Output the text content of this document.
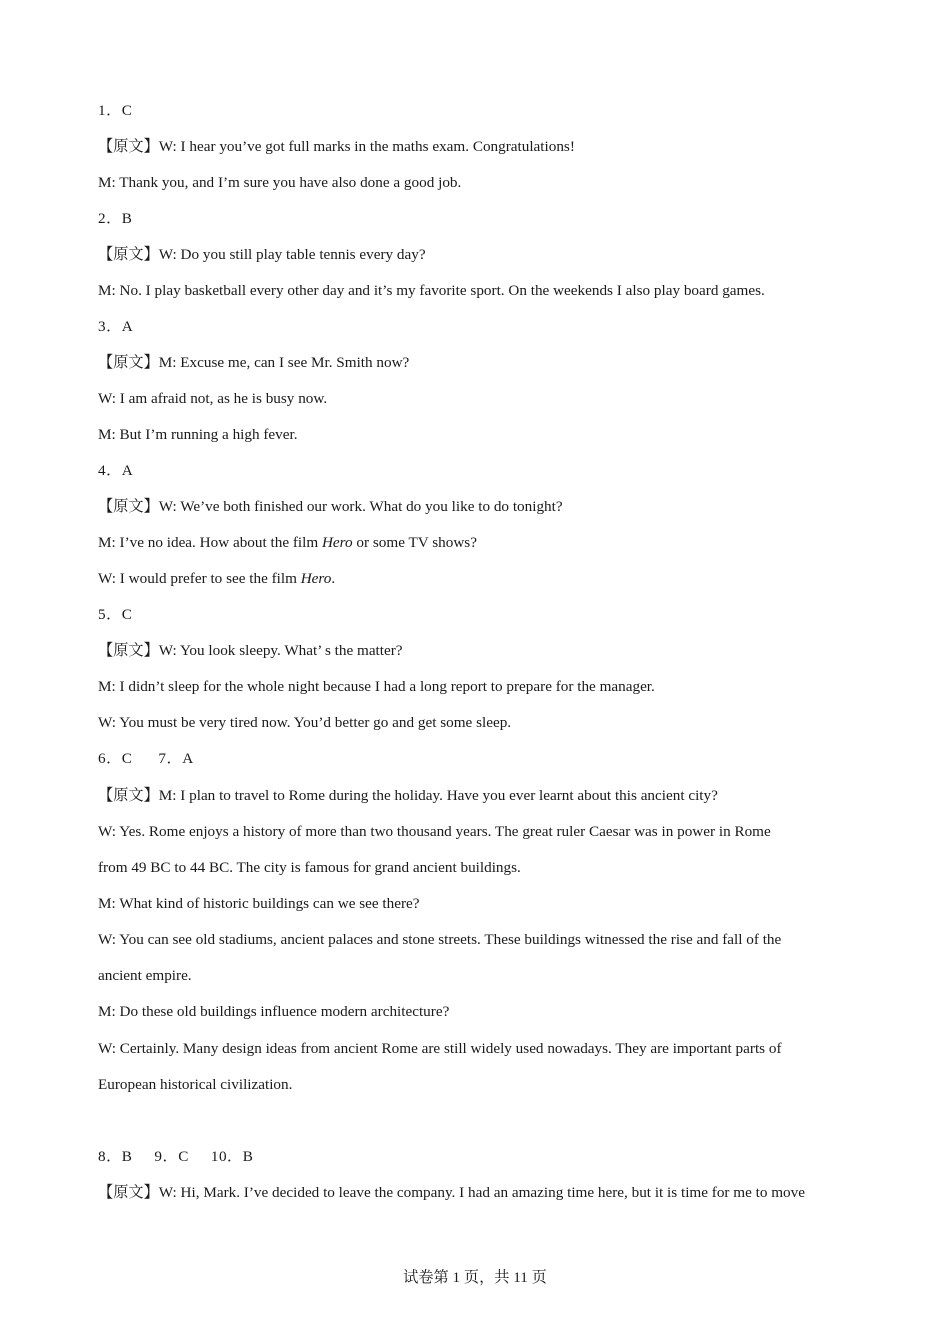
1．C
【原文】W: I hear you’ve got full marks in the maths exam. Congratulations!
M: Thank you, and I’m sure you have also done a good job.
2．B
【原文】W: Do you still play table tennis every day?
M: No. I play basketball every other day and it’s my favorite sport. On the weekends I also play board games.
3．A
【原文】M: Excuse me, can I see Mr. Smith now?
W: I am afraid not, as he is busy now.
M: But I’m running a high fever.
4．A
【原文】W: We’ve both finished our work. What do you like to do tonight?
M: I’ve no idea. How about the film Hero or some TV shows?
W: I would prefer to see the film Hero.
5．C
【原文】W: You look sleepy. What’ s the matter?
M: I didn’t sleep for the whole night because I had a long report to prepare for the manager.
W: You must be very tired now. You’d better go and get some sleep.
6．C 7．A
【原文】M: I plan to travel to Rome during the holiday. Have you ever learnt about this ancient city?
W: Yes. Rome enjoys a history of more than two thousand years. The great ruler Caesar was in power in Rome
from 49 BC to 44 BC. The city is famous for grand ancient buildings.
M: What kind of historic buildings can we see there?
W: You can see old stadiums, ancient palaces and stone streets. These buildings witnessed the rise and fall of the
ancient empire.
M: Do these old buildings influence modern architecture?
W: Certainly. Many design ideas from ancient Rome are still widely used nowadays. They are important parts of
European historical civilization.
8．B 9．C 10．B
【原文】W: Hi, Mark. I’ve decided to leave the company. I had an amazing time here, but it is time for me to move
试卷第 1 页，共 11 页
